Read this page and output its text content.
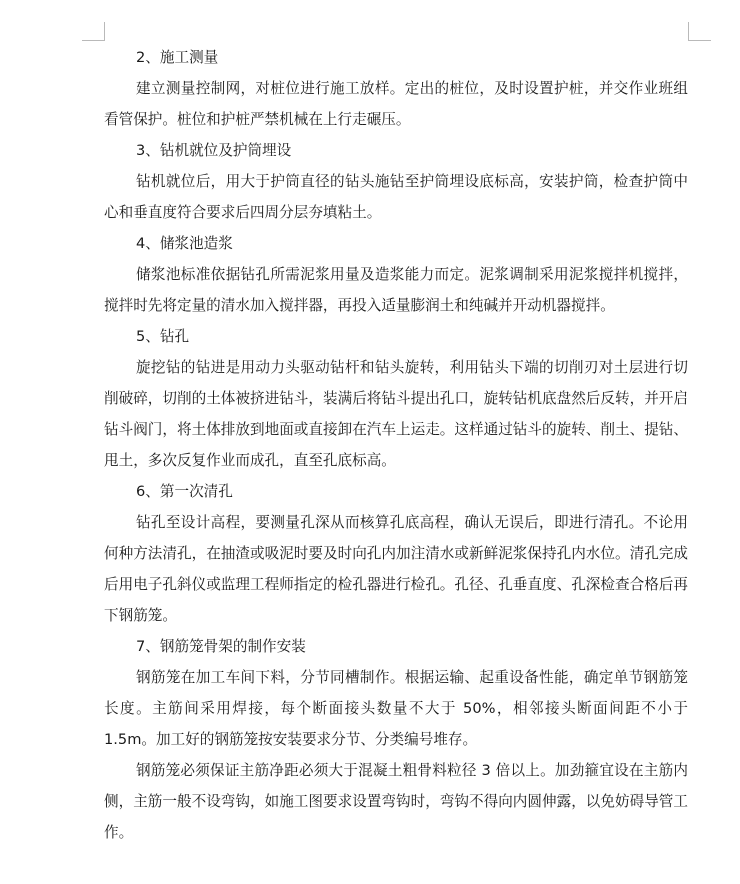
2、施工测量

建立测量控制网，对桩位进行施工放样。定出的桩位，及时设置护桩，并交作业班组看管保护。桩位和护桩严禁机械在上行走碾压。

3、钻机就位及护筒埋设

钻机就位后，用大于护筒直径的钻头施钻至护筒埋设底标高，安装护筒，检查护筒中心和垂直度符合要求后四周分层夯填粘土。

4、储浆池造浆

储浆池标准依据钻孔所需泥浆用量及造浆能力而定。泥浆调制采用泥浆搅拌机搅拌，搅拌时先将定量的清水加入搅拌器，再投入适量膨润土和纯碱并开动机器搅拌。

5、钻孔

旋挖钻的钻进是用动力头驱动钻杆和钻头旋转，利用钻头下端的切削刃对土层进行切削破碎，切削的土体被挤进钻斗，装满后将钻斗提出孔口，旋转钻机底盘然后反转，并开启钻斗阀门，将土体排放到地面或直接卸在汽车上运走。这样通过钻斗的旋转、削土、提钻、甩土，多次反复作业而成孔，直至孔底标高。

6、第一次清孔

钻孔至设计高程，要测量孔深从而核算孔底高程，确认无误后，即进行清孔。不论用何种方法清孔，在抽渣或吸泥时要及时向孔内加注清水或新鲜泥浆保持孔内水位。清孔完成后用电子孔斜仪或监理工程师指定的检孔器进行检孔。孔径、孔垂直度、孔深检查合格后再下钢筋笼。

7、钢筋笼骨架的制作安装

钢筋笼在加工车间下料，分节同槽制作。根据运输、起重设备性能，确定单节钢筋笼长度。主筋间采用焊接，每个断面接头数量不大于 50%，相邻接头断面间距不小于 1.5m。加工好的钢筋笼按安装要求分节、分类编号堆存。

钢筋笼必须保证主筋净距必须大于混凝土粗骨料粒径 3 倍以上。加劲箍宜设在主筋内侧，主筋一般不设弯钩，如施工图要求设置弯钩时，弯钩不得向内圆伸露，以免妨碍导管工作。
